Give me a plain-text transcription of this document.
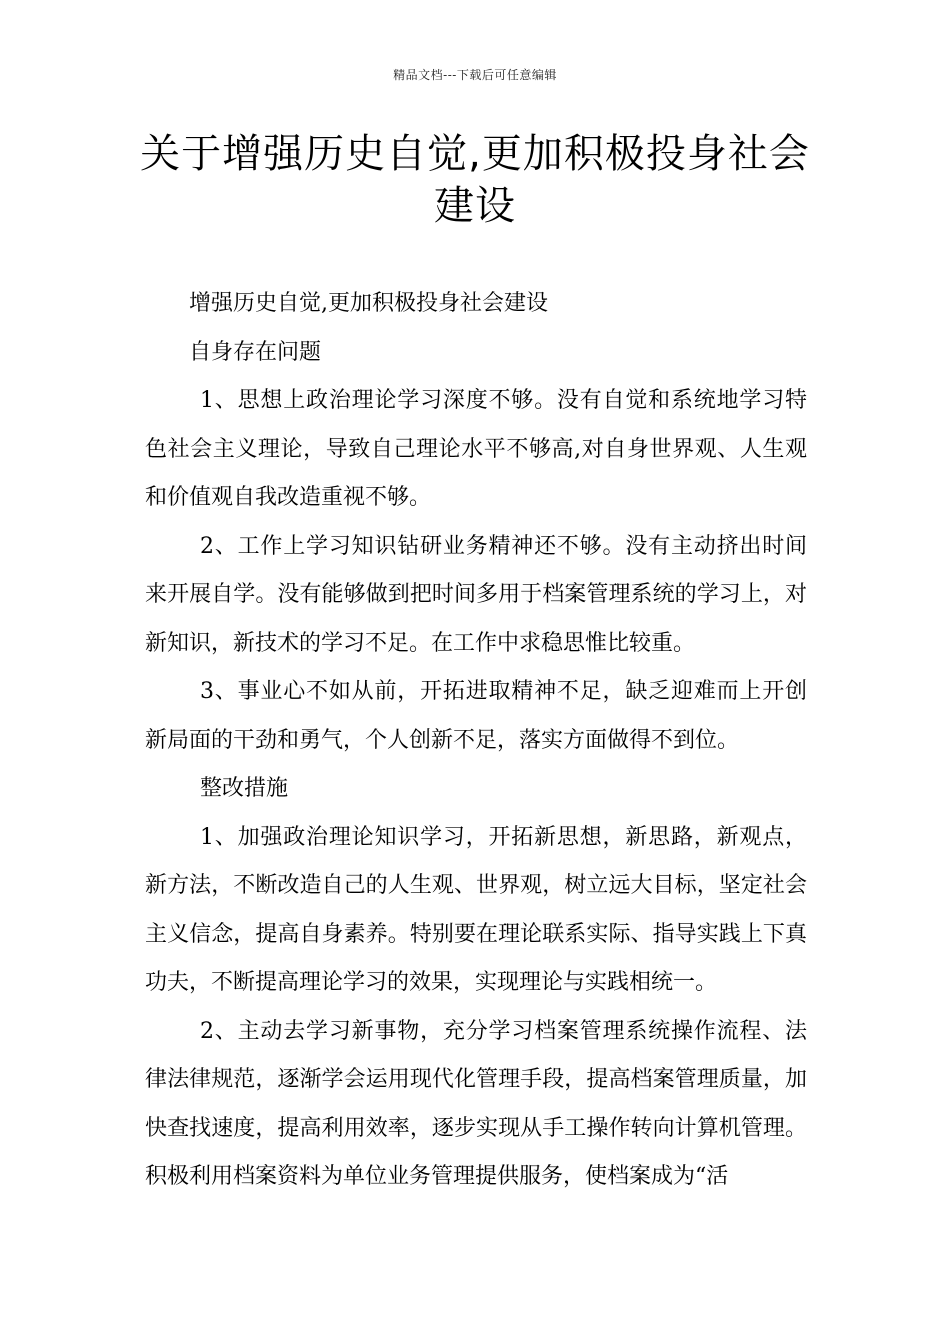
精品文档---下载后可任意编辑
关于增强历史自觉,更加积极投身社会建设

增强历史自觉,更加积极投身社会建设

自身存在问题

1、思想上政治理论学习深度不够。没有自觉和系统地学习特色社会主义理论，导致自己理论水平不够高,对自身世界观、人生观和价值观自我改造重视不够。

2、工作上学习知识钻研业务精神还不够。没有主动挤出时间来开展自学。没有能够做到把时间多用于档案管理系统的学习上，对新知识，新技术的学习不足。在工作中求稳思惟比较重。

3、事业心不如从前，开拓进取精神不足，缺乏迎难而上开创新局面的干劲和勇气，个人创新不足，落实方面做得不到位。

整改措施

1、加强政治理论知识学习，开拓新思想，新思路，新观点，新方法，不断改造自己的人生观、世界观，树立远大目标，坚定社会主义信念，提高自身素养。特别要在理论联系实际、指导实践上下真功夫，不断提高理论学习的效果，实现理论与实践相统一。

2、主动去学习新事物，充分学习档案管理系统操作流程、法律法律规范，逐渐学会运用现代化管理手段，提高档案管理质量，加快查找速度，提高利用效率，逐步实现从手工操作转向计算机管理。积极利用档案资料为单位业务管理提供服务，使档案成为“活
